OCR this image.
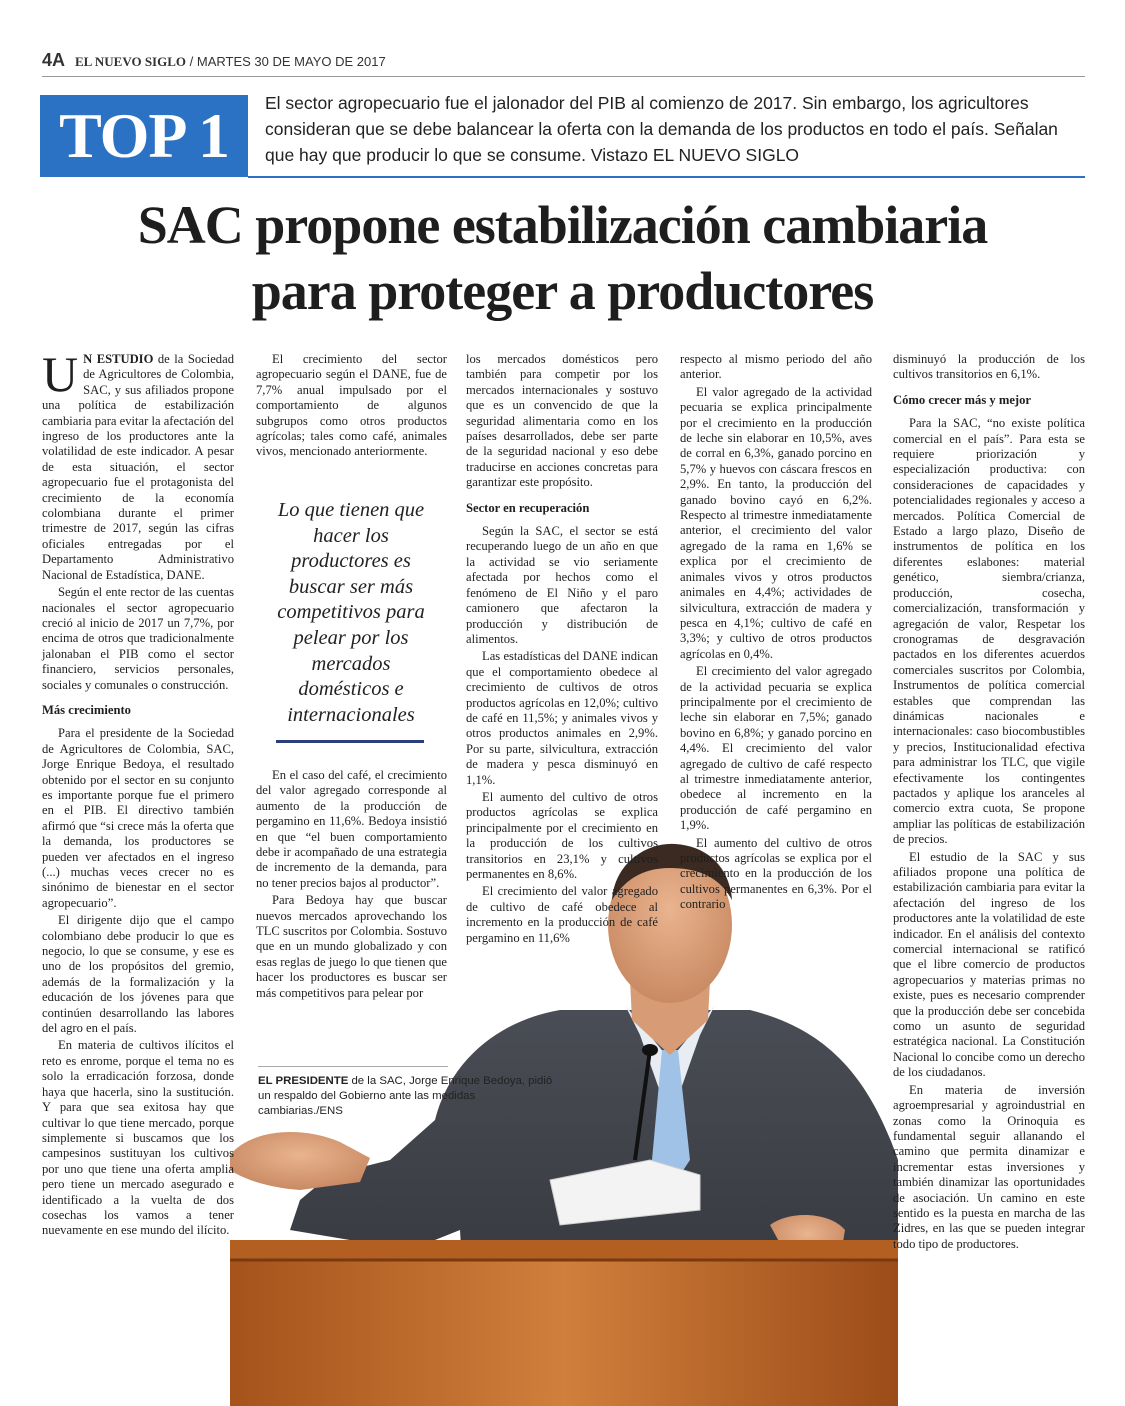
4A EL NUEVO SIGLO / MARTES 30 DE MAYO DE 2017
TOP 1 El sector agropecuario fue el jalonador del PIB al comienzo de 2017. Sin embargo, los agricultores consideran que se debe balancear la oferta con la demanda de los productos en todo el país. Señalan que hay que producir lo que se consume. Vistazo EL NUEVO SIGLO
SAC propone estabilización cambiaria
para proteger a productores

U N ESTUDIO de la Sociedad de Agricultores de Colombia, SAC, y sus afiliados propone una política de estabilización cambiaria para evitar la afectación del ingreso de los productores ante la volatilidad de este indicador. A pesar de esta situación, el sector agropecuario fue el protagonista del crecimiento de la economía colombiana durante el primer trimestre de 2017, según las cifras oficiales entregadas por el Departamento Administrativo Nacional de Estadística, DANE.

Según el ente rector de las cuentas nacionales el sector agropecuario creció al inicio de 2017 un 7,7%, por encima de otros que tradicionalmente jalonaban el PIB como el sector financiero, servicios personales, sociales y comunales o construcción.

Más crecimiento

Para el presidente de la Sociedad de Agricultores de Colombia, SAC, Jorge Enrique Bedoya, el resultado obtenido por el sector en su conjunto es importante porque fue el primero en el PIB. El directivo también afirmó que “si crece más la oferta que la demanda, los productores se pueden ver afectados en el ingreso (...) muchas veces crecer no es sinónimo de bienestar en el sector agropecuario”.

El dirigente dijo que el campo colombiano debe producir lo que es negocio, lo que se consume, y ese es uno de los propósitos del gremio, además de la formalización y la educación de los jóvenes para que continúen desarrollando las labores del agro en el país.

En materia de cultivos ilícitos el reto es enrome, porque el tema no es solo la erradicación forzosa, donde haya que hacerla, sino la sustitución. Y para que sea exitosa hay que cultivar lo que tiene mercado, porque simplemente si buscamos que los campesinos sustituyan los cultivos por uno que tiene una oferta amplia pero tiene un mercado asegurado e identificado a la vuelta de dos cosechas los vamos a tener nuevamente en ese mundo del ilícito.

El crecimiento del sector agropecuario según el DANE, fue de 7,7% anual impulsado por el comportamiento de algunos subgrupos como otros productos agrícolas; tales como café, animales vivos, mencionado anteriormente.

Lo que tienen que hacer los productores es buscar ser más competitivos para pelear por los mercados domésticos e internacionales

En el caso del café, el crecimiento del valor agregado corresponde al aumento de la producción de pergamino en 11,6%. Bedoya insistió en que “el buen comportamiento debe ir acompañado de una estrategia de incremento de la demanda, para no tener precios bajos al productor”.

Para Bedoya hay que buscar nuevos mercados aprovechando los TLC suscritos por Colombia. Sostuvo que en un mundo globalizado y con esas reglas de juego lo que tienen que hacer los productores es buscar ser más competitivos para pelear por

los mercados domésticos pero también para competir por los mercados internacionales y sostuvo que es un convencido de que la seguridad alimentaria como en los países desarrollados, debe ser parte de la seguridad nacional y eso debe traducirse en acciones concretas para garantizar este propósito.

Sector en recuperación

Según la SAC, el sector se está recuperando luego de un año en que la actividad se vio seriamente afectada por hechos como el fenómeno de El Niño y el paro camionero que afectaron la producción y distribución de alimentos.

Las estadísticas del DANE indican que el comportamiento obedece al crecimiento de cultivos de otros productos agrícolas en 12,0%; cultivo de café en 11,5%; y animales vivos y otros productos animales en 2,9%. Por su parte, silvicultura, extracción de madera y pesca disminuyó en 1,1%.

El aumento del cultivo de otros productos agrícolas se explica principalmente por el crecimiento en la producción de los cultivos transitorios en 23,1% y cultivos permanentes en 8,6%.

El crecimiento del valor agregado de cultivo de café obedece al incremento en la producción de café pergamino en 11,6%

respecto al mismo periodo del año anterior.

El valor agregado de la actividad pecuaria se explica principalmente por el crecimiento en la producción de leche sin elaborar en 10,5%, aves de corral en 6,3%, ganado porcino en 5,7% y huevos con cáscara frescos en 2,9%. En tanto, la producción del ganado bovino cayó en 6,2%. Respecto al trimestre inmediatamente anterior, el crecimiento del valor agregado de la rama en 1,6% se explica por el crecimiento de animales vivos y otros productos animales en 4,4%; actividades de silvicultura, extracción de madera y pesca en 4,1%; cultivo de café en 3,3%; y cultivo de otros productos agrícolas en 0,4%.

El crecimiento del valor agregado de la actividad pecuaria se explica principalmente por el crecimiento de leche sin elaborar en 7,5%; ganado bovino en 6,8%; y ganado porcino en 4,4%. El crecimiento del valor agregado de cultivo de café respecto al trimestre inmediatamente anterior, obedece al incremento en la producción de café pergamino en 1,9%.

El aumento del cultivo de otros productos agrícolas se explica por el crecimiento en la producción de los cultivos permanentes en 6,3%. Por el contrario

disminuyó la producción de los cultivos transitorios en 6,1%.

Cómo crecer más y mejor

Para la SAC, “no existe política comercial en el país”. Para esta se requiere priorización y especialización productiva: con consideraciones de capacidades y potencialidades regionales y acceso a mercados. Política Comercial de Estado a largo plazo, Diseño de instrumentos de política en los diferentes eslabones: material genético, siembra/crianza, producción, cosecha, comercialización, transformación y agregación de valor, Respetar los cronogramas de desgravación pactados en los diferentes acuerdos comerciales suscritos por Colombia, Instrumentos de política comercial estables que comprendan las dinámicas nacionales e internacionales: caso biocombustibles y precios, Institucionalidad efectiva para administrar los TLC, que vigile efectivamente los contingentes pactados y aplique los aranceles al comercio extra cuota, Se propone ampliar las políticas de estabilización de precios.

El estudio de la SAC y sus afiliados propone una política de estabilización cambiaria para evitar la afectación del ingreso de los productores ante la volatilidad de este indicador. En el análisis del contexto comercial internacional se ratificó que el libre comercio de productos agropecuarios y materias primas no existe, pues es necesario comprender que la producción debe ser concebida como un asunto de seguridad estratégica nacional. La Constitución Nacional lo concibe como un derecho de los ciudadanos.

En materia de inversión agroempresarial y agroindustrial en zonas como la Orinoquia es fundamental seguir allanando el camino que permita dinamizar e incrementar estas inversiones y también dinamizar las oportunidades de asociación. Un camino en este sentido es la puesta en marcha de las Zidres, en las que se pueden integrar todo tipo de productores.

EL PRESIDENTE de la SAC, Jorge Enrique Bedoya, pidió un respaldo del Gobierno ante las medidas cambiarias./ENS
